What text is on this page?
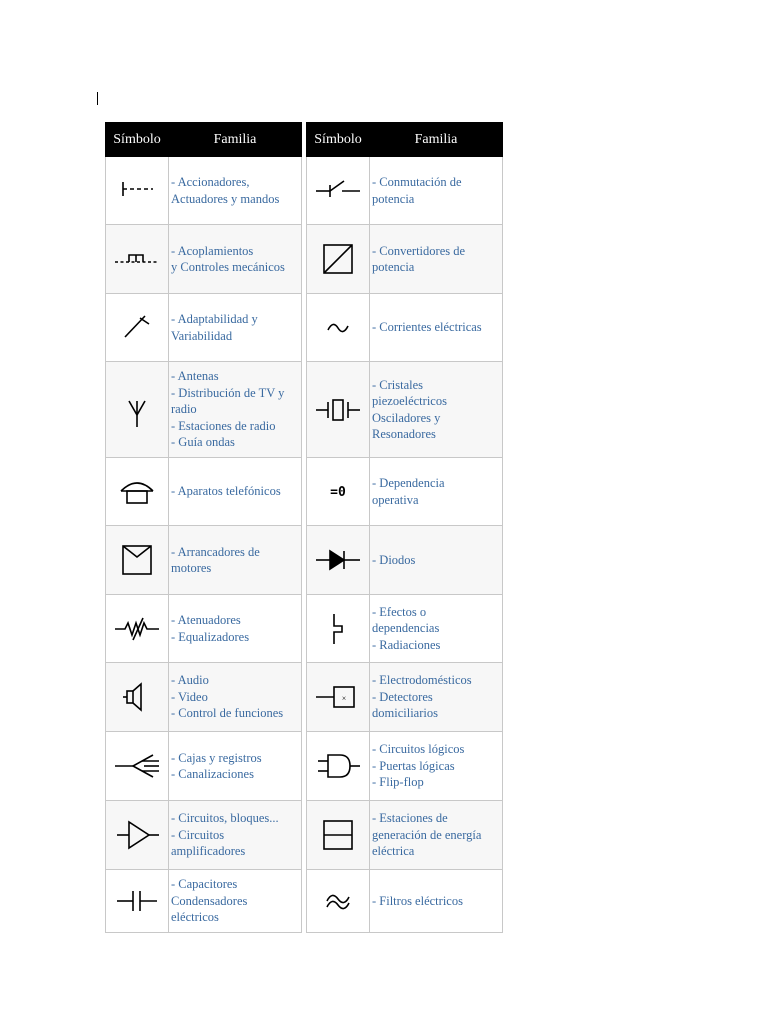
Símbolo	Familia

- Accionadores,
Actuadores y mandos

- Acoplamientos
y Controles mecánicos

- Adaptabilidad y
Variabilidad

- Antenas
- Distribución de TV y radio
- Estaciones de radio
- Guía ondas

- Aparatos telefónicos

- Arrancadores de
motores

- Atenuadores
- Equalizadores

- Audio
- Video
- Control de funciones

- Cajas y registros
- Canalizaciones

- Circuitos, bloques...
- Circuitos
amplificadores

- Capacitores
Condensadores
eléctricos
Símbolo	Familia

- Conmutación de
potencia

- Convertidores de
potencia

- Corrientes eléctricas

- Cristales
piezoeléctricos
Osciladores y
Resonadores

=0	- Dependencia
operativa

- Diodos

- Efectos o
dependencias
- Radiaciones

×	- Electrodomésticos
- Detectores
domiciliarios

- Circuitos lógicos
- Puertas lógicas
- Flip-flop

- Estaciones de
generación de energía
eléctrica

- Filtros eléctricos
